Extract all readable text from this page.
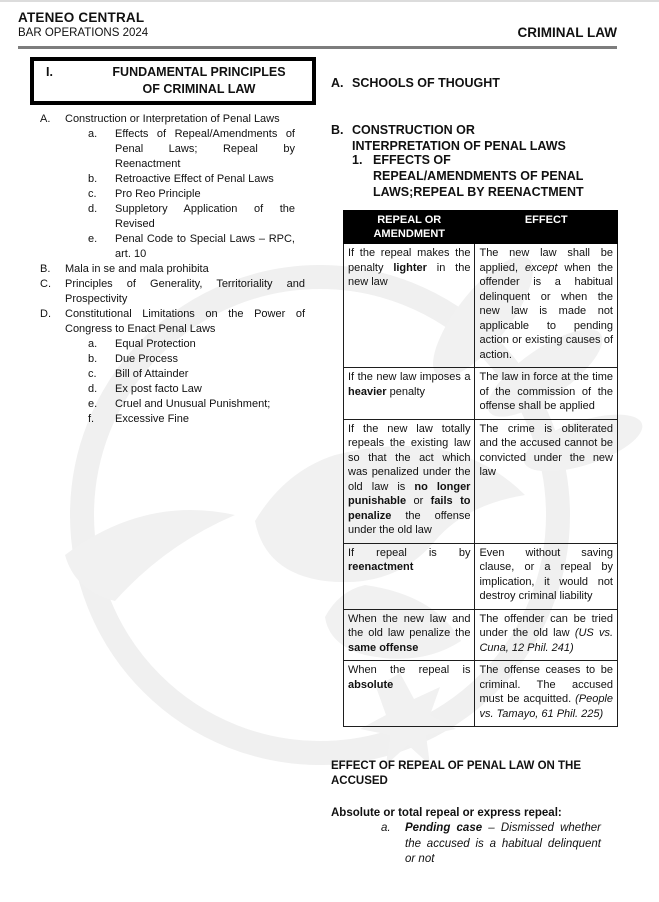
ATENEO CENTRAL
BAR OPERATIONS 2024	CRIMINAL LAW
I.	FUNDAMENTAL PRINCIPLES
OF CRIMINAL LAW
A.	Construction or Interpretation of Penal Laws
a.	Effects of Repeal/Amendments of Penal Laws; Repeal by Reenactment
b.	Retroactive Effect of Penal Laws
c.	Pro Reo Principle
d.	Suppletory Application of the Revised
e.	Penal Code to Special Laws – RPC, art. 10
B.	Mala in se and mala prohibita
C.	Principles of Generality, Territoriality and Prospectivity
D.	Constitutional Limitations on the Power of Congress to Enact Penal Laws
a.	Equal Protection
b.	Due Process
c.	Bill of Attainder
d.	Ex post facto Law
e.	Cruel and Unusual Punishment;
f.	Excessive Fine
A. SCHOOLS OF THOUGHT
B. CONSTRUCTION OR
INTERPRETATION OF PENAL LAWS
1. EFFECTS OF
REPEAL/AMENDMENTS OF PENAL
LAWS;REPEAL BY REENACTMENT
REPEAL OR AMENDMENT	EFFECT
If the repeal makes the penalty lighter in the new law	The new law shall be applied, except when the offender is a habitual delinquent or when the new law is made not applicable to pending action or existing causes of action.
If the new law imposes a heavier penalty	The law in force at the time of the commission of the offense shall be applied
If the new law totally repeals the existing law so that the act which was penalized under the old law is no longer punishable or fails to penalize the offense under the old law	The crime is obliterated and the accused cannot be convicted under the new law
If repeal is by reenactment	Even without saving clause, or a repeal by implication, it would not destroy criminal liability
When the new law and the old law penalize the same offense	The offender can be tried under the old law (US vs. Cuna, 12 Phil. 241)
When the repeal is absolute	The offense ceases to be criminal. The accused must be acquitted. (People vs. Tamayo, 61 Phil. 225)
EFFECT OF REPEAL OF PENAL LAW ON THE ACCUSED
Absolute or total repeal or express repeal:
a.	Pending case – Dismissed whether the accused is a habitual delinquent or not
